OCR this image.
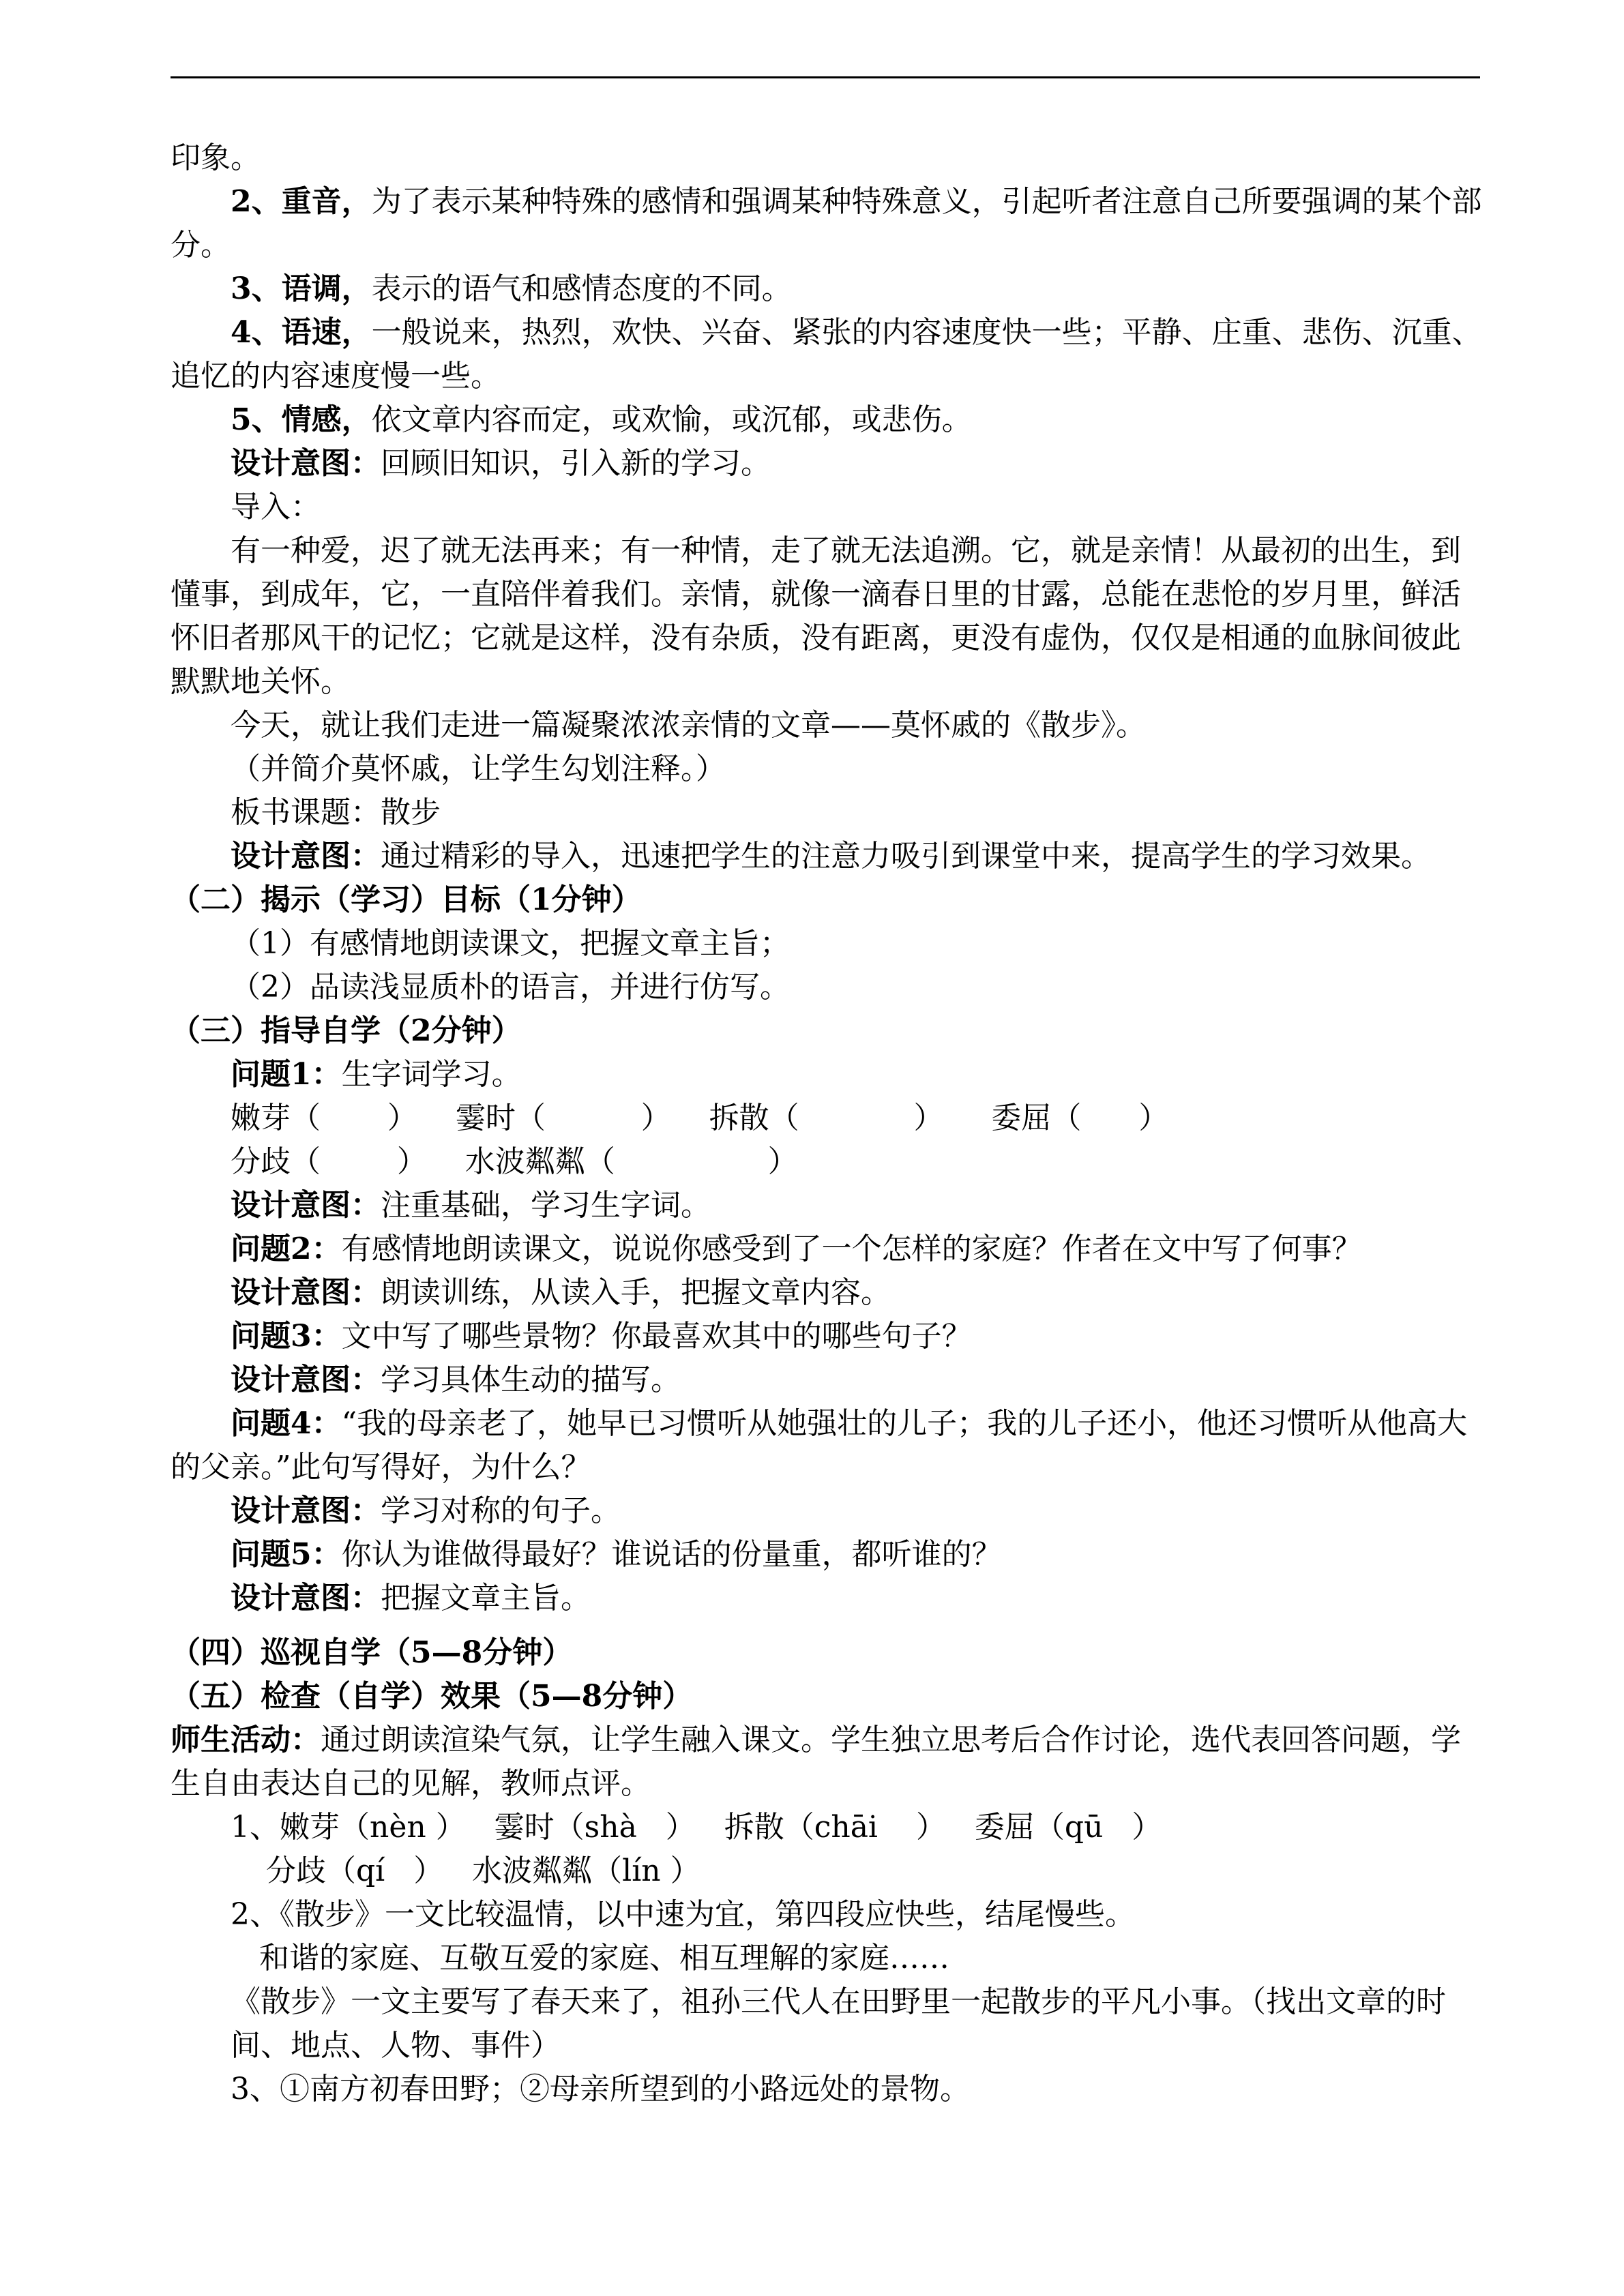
印象。

2、重音，为了表示某种特殊的感情和强调某种特殊意义，引起听者注意自己所要强调的某个部分。

3、语调，表示的语气和感情态度的不同。

4、语速，一般说来，热烈，欢快、兴奋、紧张的内容速度快一些；平静、庄重、悲伤、沉重、追忆的内容速度慢一些。

5、情感，依文章内容而定，或欢愉，或沉郁，或悲伤。

设计意图：回顾旧知识，引入新的学习。

导入：

有一种爱，迟了就无法再来；有一种情，走了就无法追溯。它，就是亲情！从最初的出生，到懂事，到成年，它，一直陪伴着我们。亲情，就像一滴春日里的甘露，总能在悲怆的岁月里，鲜活怀旧者那风干的记忆；它就是这样，没有杂质，没有距离，更没有虚伪，仅仅是相通的血脉间彼此默默地关怀。

今天，就让我们走进一篇凝聚浓浓亲情的文章——莫怀戚的《散步》。

（并简介莫怀戚，让学生勾划注释。）

板书课题：散步

设计意图：通过精彩的导入，迅速把学生的注意力吸引到课堂中来，提高学生的学习效果。

（二）揭示（学习）目标（1分钟）

（1）有感情地朗读课文，把握文章主旨；

（2）品读浅显质朴的语言，并进行仿写。

（三）指导自学（2分钟）

问题1：生字词学习。

嫩芽（       ）    霎时（          ）    拆散（            ）     委屈（      ）

分歧（        ）    水波粼粼（                ）

设计意图：注重基础，学习生字词。

问题2：有感情地朗读课文，说说你感受到了一个怎样的家庭？作者在文中写了何事？

设计意图：朗读训练，从读入手，把握文章内容。

问题3：文中写了哪些景物？你最喜欢其中的哪些句子？

设计意图：学习具体生动的描写。

问题4：“我的母亲老了，她早已习惯听从她强壮的儿子；我的儿子还小，他还习惯听从他高大的父亲。”此句写得好，为什么？

设计意图：学习对称的句子。

问题5：你认为谁做得最好？谁说话的份量重，都听谁的？

设计意图：把握文章主旨。

（四）巡视自学（5—8分钟）

（五）检查（自学）效果（5—8分钟）

师生活动：通过朗读渲染气氛，让学生融入课文。学生独立思考后合作讨论，选代表回答问题，学生自由表达自己的见解，教师点评。

1、嫩芽（nèn ）   霎时（shà   ）   拆散（chāi    ）   委屈（qū   ）

分歧（qí   ）   水波粼粼（lín ）

2、《散步》一文比较温情，以中速为宜，第四段应快些，结尾慢些。

和谐的家庭、互敬互爱的家庭、相互理解的家庭……

《散步》一文主要写了春天来了，祖孙三代人在田野里一起散步的平凡小事。（找出文章的时间、地点、人物、事件）

3、①南方初春田野；②母亲所望到的小路远处的景物。
